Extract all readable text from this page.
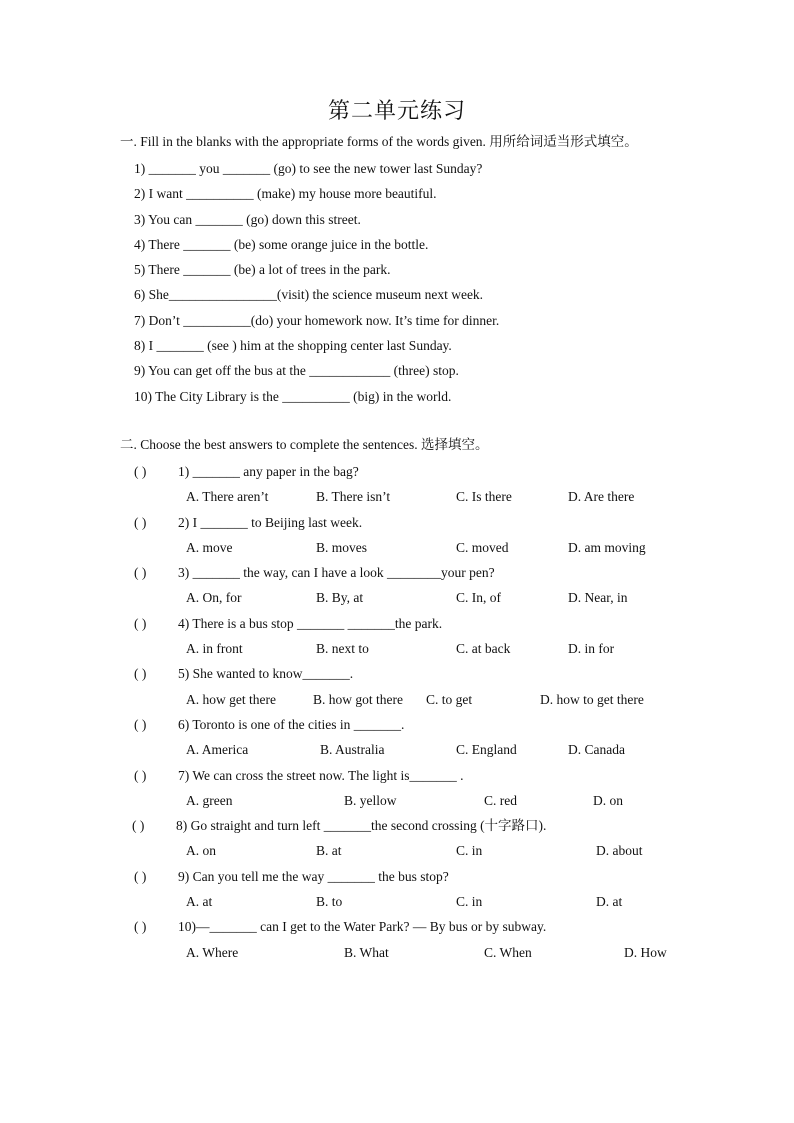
第二单元练习
一. Fill in the blanks with the appropriate forms of the words given. 用所给词适当形式填空。
1) _______ you _______ (go) to see the new tower last Sunday?
2) I want __________ (make) my house more beautiful.
3) You can _______ (go) down this street.
4) There _______ (be) some orange juice in the bottle.
5) There _______ (be) a lot of trees in the park.
6) She________________(visit) the science museum next week.
7) Don’t __________(do) your homework now. It’s time for dinner.
8) I _______ (see ) him at the shopping center last Sunday.
9) You can get off the bus at the ____________ (three) stop.
10) The City Library is the __________ (big) in the world.
二. Choose the best answers to complete the sentences. 选择填空。
( ) 1) _______ any paper in the bag?
A. There aren’t	B. There isn’t	C. Is there	D. Are there
( ) 2) I _______ to Beijing last week.
A. move	B. moves	C. moved	D. am moving
( ) 3) _______ the way, can I have a look ________your pen?
A. On, for	B. By, at	C. In, of	D. Near, in
( ) 4) There is a bus stop _______ _______the park.
A. in front	B. next to	C. at back	D. in for
( ) 5) She wanted to know_______.
A. how get there	B. how got there C. to get	D. how to get there
( ) 6) Toronto is one of the cities in _______.
A. America	B. Australia	C. England	D. Canada
( ) 7) We can cross the street now. The light is_______ .
A. green	B. yellow	C. red	D. on
( ) 8) Go straight and turn left _______the second crossing (十字路口).
A. on	B. at	C. in	D. about
( ) 9) Can you tell me the way _______ the bus stop?
A. at	B. to	C. in	D. at
( ) 10)—_______ can I get to the Water Park? — By bus or by subway.
A. Where	B. What	C. When	D. How
